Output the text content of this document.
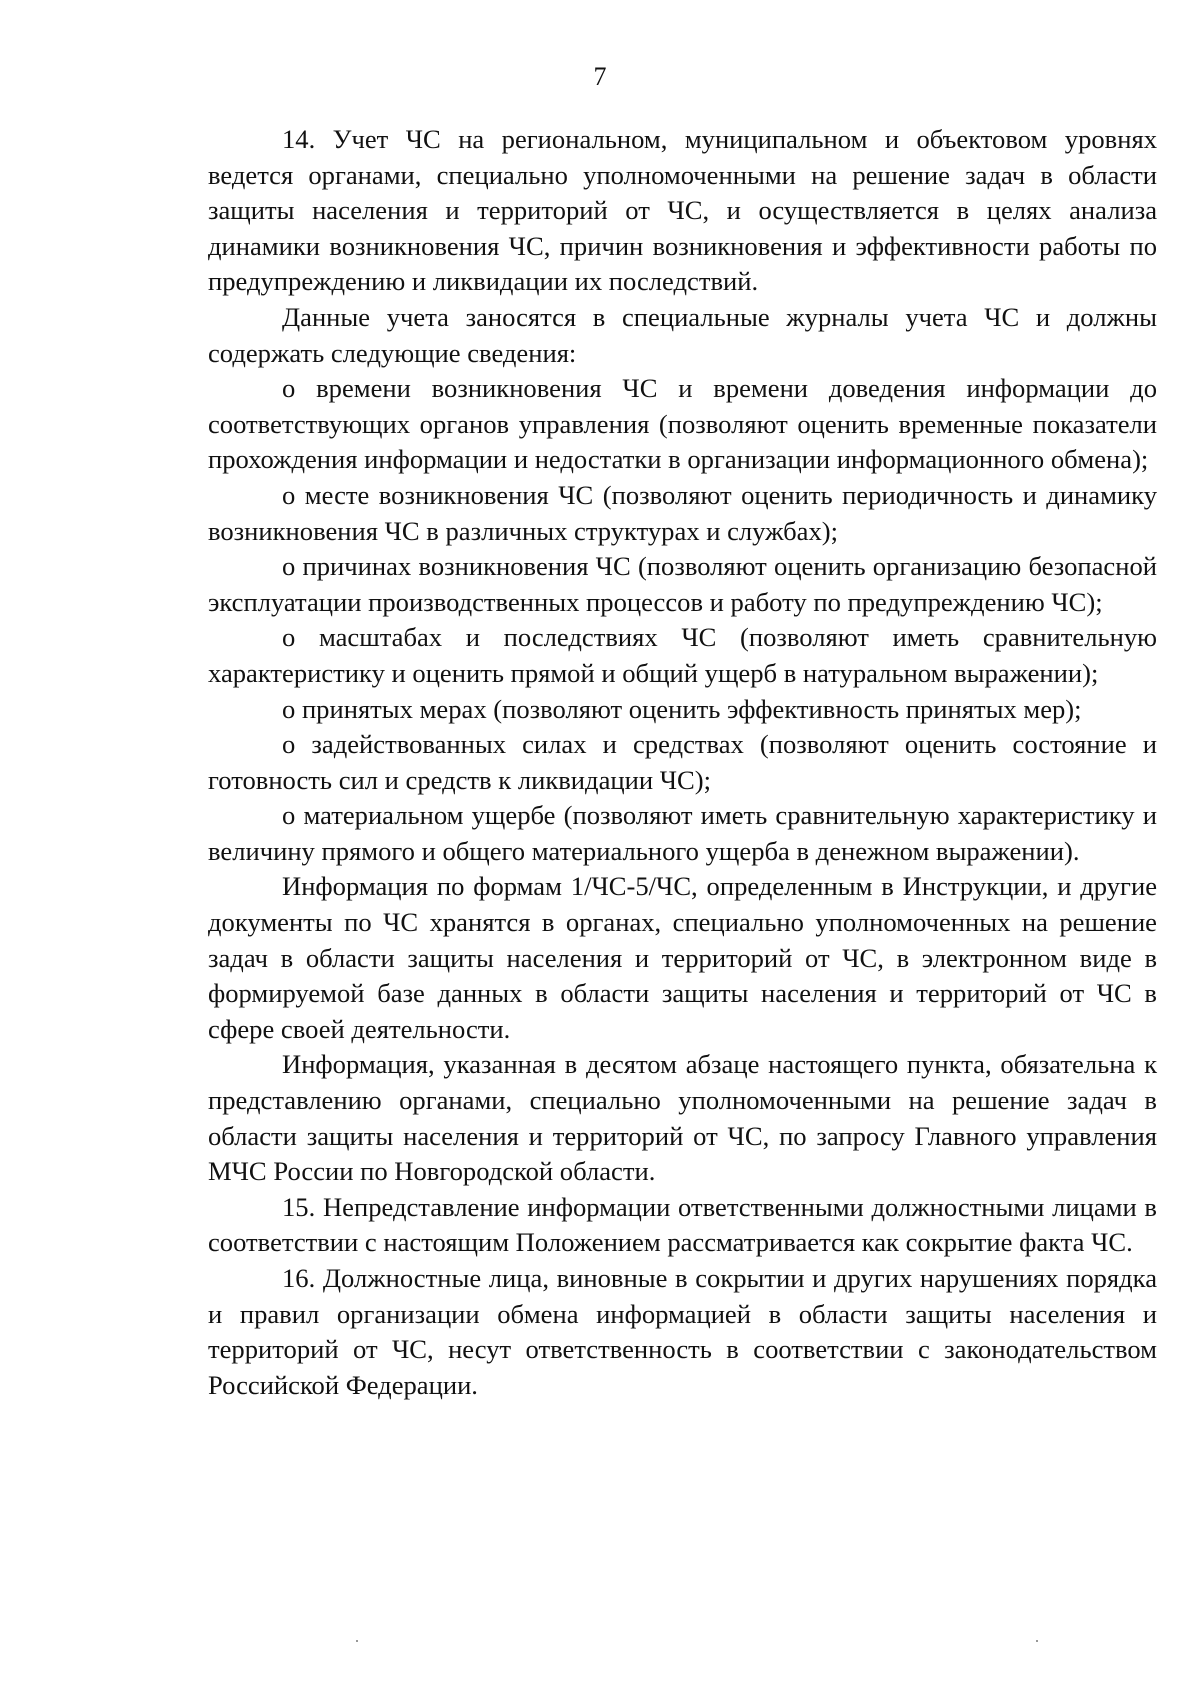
7

14. Учет ЧС на региональном, муниципальном и объектовом уровнях ведется органами, специально уполномоченными на решение задач в области защиты населения и территорий от ЧС, и осуществляется в целях анализа динамики возникновения ЧС, причин возникновения и эффективности работы по предупреждению и ликвидации их последствий.

Данные учета заносятся в специальные журналы учета ЧС и должны содержать следующие сведения:

о времени возникновения ЧС и времени доведения информации до соответствующих органов управления (позволяют оценить временные показатели прохождения информации и недостатки в организации информационного обмена);

о месте возникновения ЧС (позволяют оценить периодичность и динамику возникновения ЧС в различных структурах и службах);

о причинах возникновения ЧС (позволяют оценить организацию безопасной эксплуатации производственных процессов и работу по предупреждению ЧС);

о масштабах и последствиях ЧС (позволяют иметь сравнительную характеристику и оценить прямой и общий ущерб в натуральном выражении);

о принятых мерах (позволяют оценить эффективность принятых мер);

о задействованных силах и средствах (позволяют оценить состояние и готовность сил и средств к ликвидации ЧС);

о материальном ущербе (позволяют иметь сравнительную характеристику и величину прямого и общего материального ущерба в денежном выражении).

Информация по формам 1/ЧС-5/ЧС, определенным в Инструкции, и другие документы по ЧС хранятся в органах, специально уполномоченных на решение задач в области защиты населения и территорий от ЧС, в электронном виде в формируемой базе данных в области защиты населения и территорий от ЧС в сфере своей деятельности.

Информация, указанная в десятом абзаце настоящего пункта, обязательна к представлению органами, специально уполномоченными на решение задач в области защиты населения и территорий от ЧС, по запросу Главного управления МЧС России по Новгородской области.

15. Непредставление информации ответственными должностными лицами в соответствии с настоящим Положением рассматривается как сокрытие факта ЧС.

16. Должностные лица, виновные в сокрытии и других нарушениях порядка и правил организации обмена информацией в области защиты населения и территорий от ЧС, несут ответственность в соответствии с законодательством Российской Федерации.
